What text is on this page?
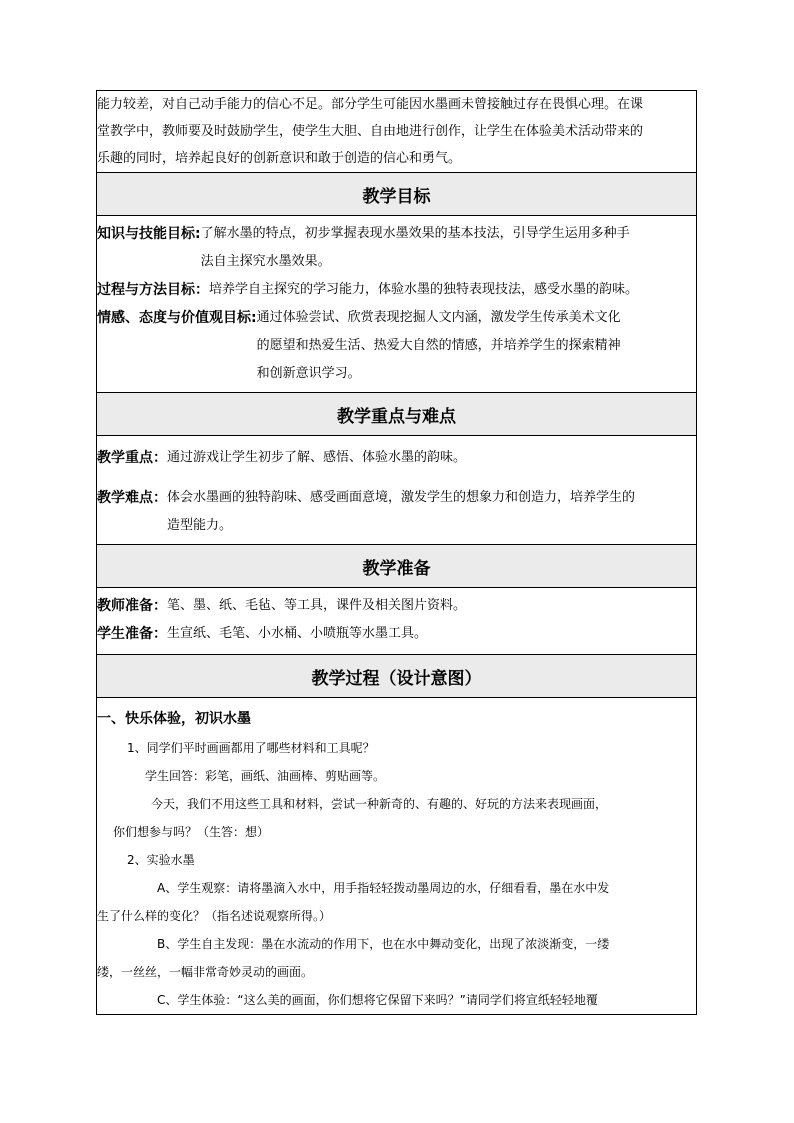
能力较差，对自己动手能力的信心不足。部分学生可能因水墨画未曾接触过存在畏惧心理。在课

堂教学中，教师要及时鼓励学生，使学生大胆、自由地进行创作，让学生在体验美术活动带来的

乐趣的同时，培养起良好的创新意识和敢于创造的信心和勇气。

教学目标

知识与技能目标 : 了解水墨的特点，初步掌握表现水墨效果的基本技法，引导学生运用多种手

法自主探究水墨效果。

过程与方法目标 ： 培养学自主探究的学习能力，体验水墨的独特表现技法，感受水墨的韵味。

情感、态度与价值观目标 : 通过体验尝试、欣赏表现挖掘人文内涵，激发学生传承美术文化

的愿望和热爱生活、热爱大自然的情感，并培养学生的探索精神

和创新意识学习。

教学重点与难点

教学重点 ： 通过游戏让学生初步了解、感悟、体验水墨的韵味。

教学难点 ： 体会水墨画的独特韵味、感受画面意境，激发学生的想象力和创造力，培养学生的

造型能力。

教学准备

教师准备 ： 笔、墨、纸、毛毡、等工具，课件及相关图片资料。

学生准备 ： 生宣纸、毛笔、小水桶、小喷瓶等水墨工具。

教学过程（设计意图）

一、快乐体验，初识水墨

1、同学们平时画画都用了哪些材料和工具呢？

学生回答：彩笔，画纸、油画棒、剪贴画等。

今天，我们不用这些工具和材料，尝试一种新奇的、有趣的、好玩的方法来表现画面，

你们想参与吗？（生答：想）

2、实验水墨

A、学生观察：请将墨滴入水中，用手指轻轻拨动墨周边的水，仔细看看，墨在水中发

生了什么样的变化？（指名述说观察所得。）

B、学生自主发现：墨在水流动的作用下，也在水中舞动变化，出现了浓淡渐变，一缕

缕，一丝丝，一幅非常奇妙灵动的画面。

C、学生体验：“这么美的画面，你们想将它保留下来吗？”请同学们将宣纸轻轻地覆
